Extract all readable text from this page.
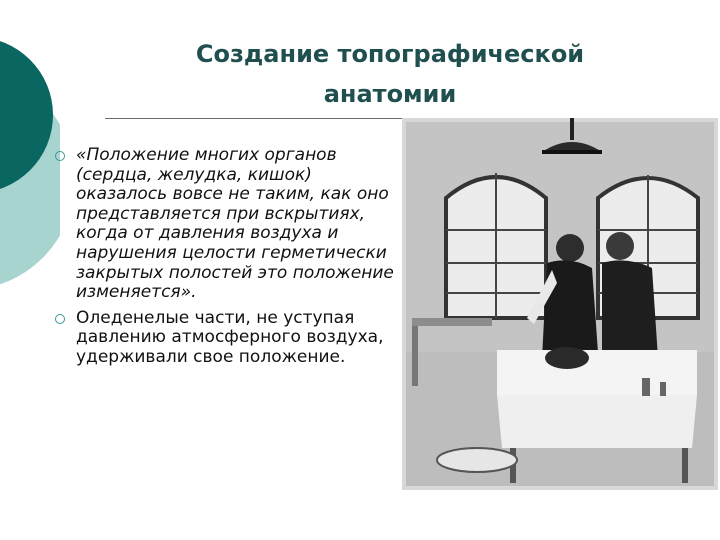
Создание топографической
анатомии
«Положение многих органов (сердца, желудка, кишок) оказалось вовсе не таким, как оно представляется при вскрытиях, когда от давления воздуха и нарушения целости герметически закрытых полостей это положение изменяется».
Оледенелые части, не уступая давлению атмосферного воздуха, удерживали свое положение.
